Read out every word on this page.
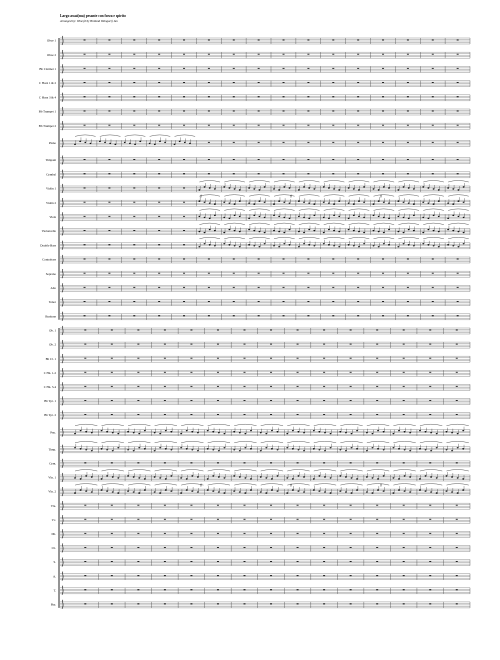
Largo assai(ma) pesante con forza e spirito
Arranged by: Winz (Irby Holland Weingart) Jan
Oboe 1
Oboe 2
Bb Clarinet 1
C Horn 1 & 2
C Horn 3 & 4
Bb Trumpet 1
Bb Trumpet 2
Piano
Timpani
Cymbal
Violin 1
Violin 2
Viola
Violoncello
Double Bass
Contrabass
Soprano
Alto
Tenor
Baritone
ff	ff	ff
Ob. 1
Ob. 2
Bb Cl. 1
C Hn. 1-2
C Hn. 3-4
Bb Tpt. 1
Bb Tpt. 2
Pno.
Timp.
Cym.
Vln. 1
Vln. 2
Vla.
Vc.
Db.
Cb.
S.
A.
T.
Bar.
ff	ff	ff
